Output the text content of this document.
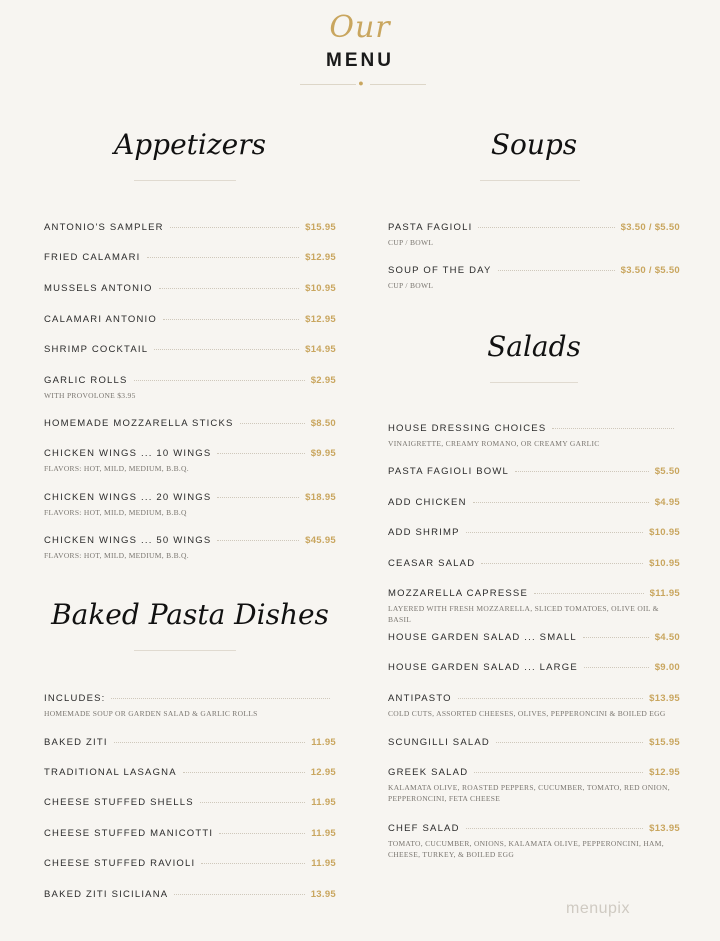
Our
MENU
●
Appetizers
ANTONIO'S SAMPLER	$15.95
FRIED CALAMARI	$12.95
MUSSELS ANTONIO	$10.95
CALAMARI ANTONIO	$12.95
SHRIMP COCKTAIL	$14.95
GARLIC ROLLS	$2.95
WITH PROVOLONE $3.95
HOMEMADE MOZZARELLA STICKS	$8.50
CHICKEN WINGS ... 10 WINGS	$9.95
FLAVORS: HOT, MILD, MEDIUM, B.B.Q.
CHICKEN WINGS ... 20 WINGS	$18.95
FLAVORS: HOT, MILD, MEDIUM, B.B.Q
CHICKEN WINGS ... 50 WINGS	$45.95
FLAVORS: HOT, MILD, MEDIUM, B.B.Q.
Baked Pasta Dishes
INCLUDES:
HOMEMADE SOUP OR GARDEN SALAD & GARLIC ROLLS
BAKED ZITI	11.95
TRADITIONAL LASAGNA	12.95
CHEESE STUFFED SHELLS	11.95
CHEESE STUFFED MANICOTTI	11.95
CHEESE STUFFED RAVIOLI	11.95
BAKED ZITI SICILIANA	13.95
Soups
PASTA FAGIOLI	$3.50 / $5.50
CUP / BOWL
SOUP OF THE DAY	$3.50 / $5.50
CUP / BOWL
Salads
HOUSE DRESSING CHOICES
VINAIGRETTE, CREAMY ROMANO, OR CREAMY GARLIC
PASTA FAGIOLI BOWL	$5.50
ADD CHICKEN	$4.95
ADD SHRIMP	$10.95
CEASAR SALAD	$10.95
MOZZARELLA CAPRESSE	$11.95
LAYERED WITH FRESH MOZZARELLA, SLICED TOMATOES, OLIVE OIL & BASIL
HOUSE GARDEN SALAD ... SMALL	$4.50
HOUSE GARDEN SALAD ... LARGE	$9.00
ANTIPASTO	$13.95
COLD CUTS, ASSORTED CHEESES, OLIVES, PEPPERONCINI & BOILED EGG
SCUNGILLI SALAD	$15.95
GREEK SALAD	$12.95
KALAMATA OLIVE, ROASTED PEPPERS, CUCUMBER, TOMATO, RED ONION, PEPPERONCINI, FETA CHEESE
CHEF SALAD	$13.95
TOMATO, CUCUMBER, ONIONS, KALAMATA OLIVE, PEPPERONCINI, HAM, CHEESE, TURKEY, & BOILED EGG
menupix
